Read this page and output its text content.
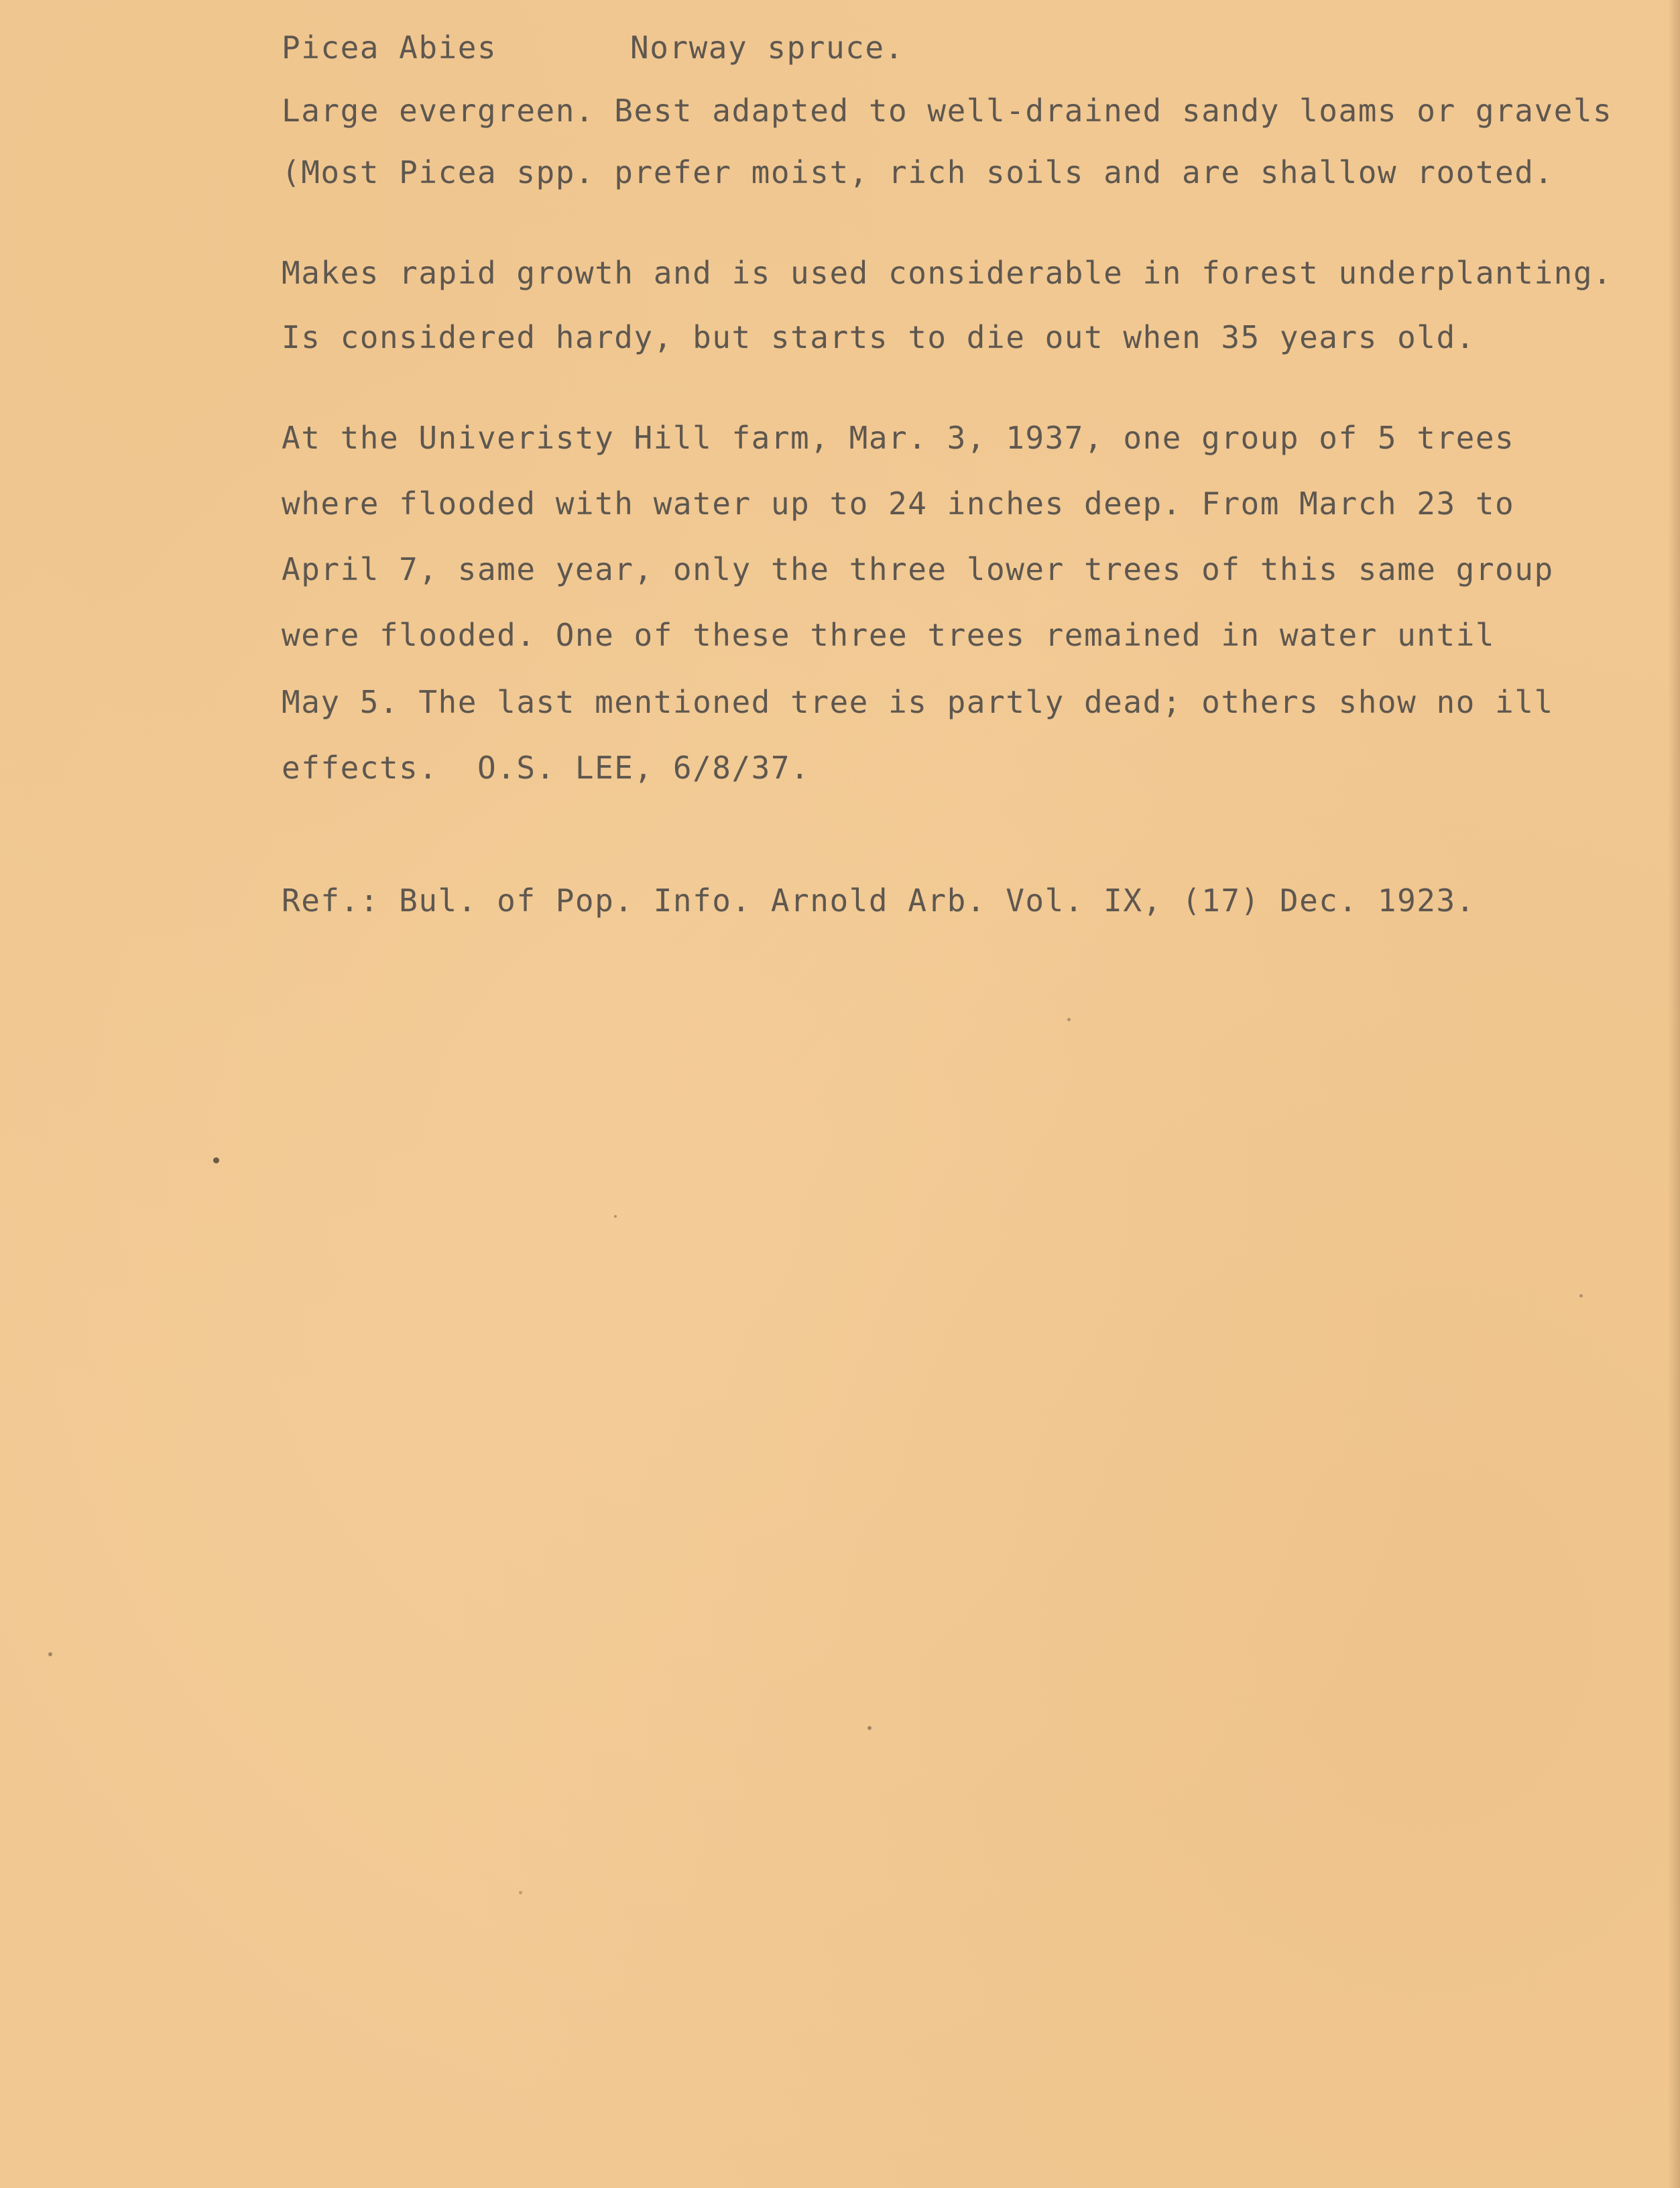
Picea Abies	Norway spruce.
Large evergreen. Best adapted to well-drained sandy loams or gravels
(Most Picea spp. prefer moist, rich soils and are shallow rooted.
Makes rapid growth and is used considerable in forest underplanting.
Is considered hardy, but starts to die out when 35 years old.
At the Univeristy Hill farm, Mar. 3, 1937, one group of 5 trees
where flooded with water up to 24 inches deep. From March 23 to
April 7, same year, only the three lower trees of this same group
were flooded. One of these three trees remained in water until
May 5. The last mentioned tree is partly dead; others show no ill
effects.  O.S. LEE, 6/8/37.
Ref.: Bul. of Pop. Info. Arnold Arb. Vol. IX, (17) Dec. 1923.
